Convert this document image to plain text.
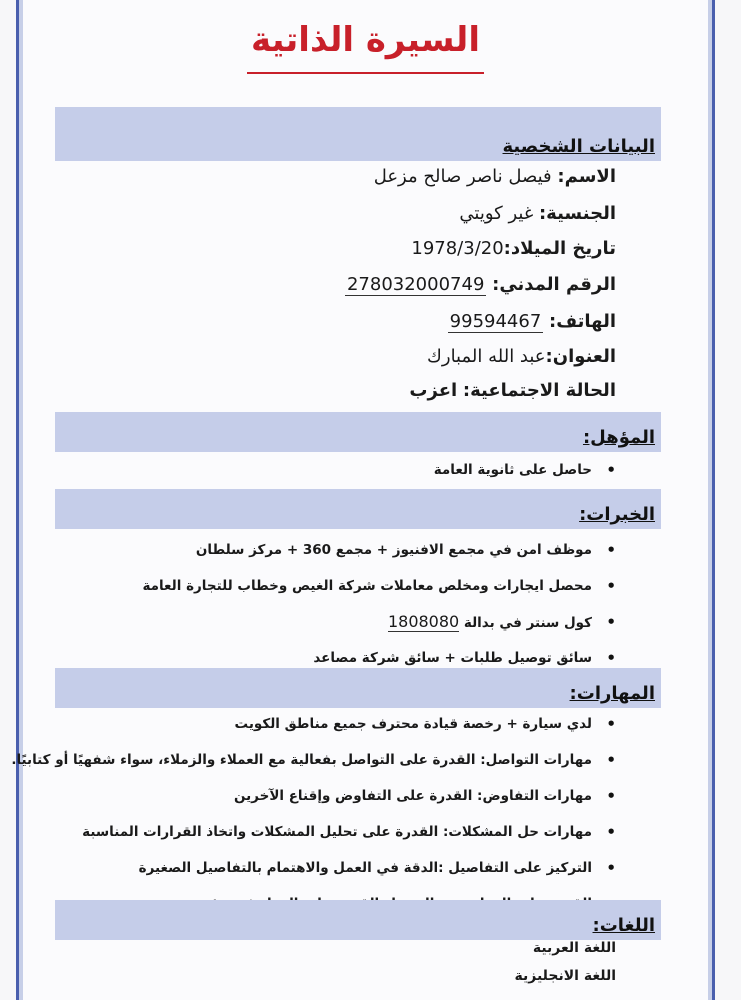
السيرة الذاتية
البيانات الشخصية
الاسم: فيصل ناصر صالح مزعل
الجنسية: غير كويتي
تاريخ الميلاد:1978/3/20
الرقم المدني: 278032000749
الهاتف: 99594467
العنوان:عبد الله المبارك
الحالة الاجتماعية: اعزب
المؤهل:
• حاصل على ثانوية العامة
الخبرات:
• موظف امن في مجمع الافنيوز + مجمع 360 + مركز سلطان
• محصل ايجارات ومخلص معاملات شركة الغيص وخطاب للتجارة العامة
• كول سنتر في بدالة 1808080
• سائق توصيل طلبات + سائق شركة مصاعد
المهارات:
• لدي سيارة + رخصة قيادة محترف جميع مناطق الكويت
• مهارات التواصل: القدرة على التواصل بفعالية مع العملاء والزملاء، سواء شفهيًا أو كتابيًا.
• مهارات التفاوض: القدرة على التفاوض وإقناع الآخرين
• مهارات حل المشكلات: القدرة على تحليل المشكلات واتخاذ القرارات المناسبة
• التركيز على التفاصيل :الدقة في العمل والاهتمام بالتفاصيل الصغيرة
•
اللغات:
اللغة العربية
اللغة الانجليزية
